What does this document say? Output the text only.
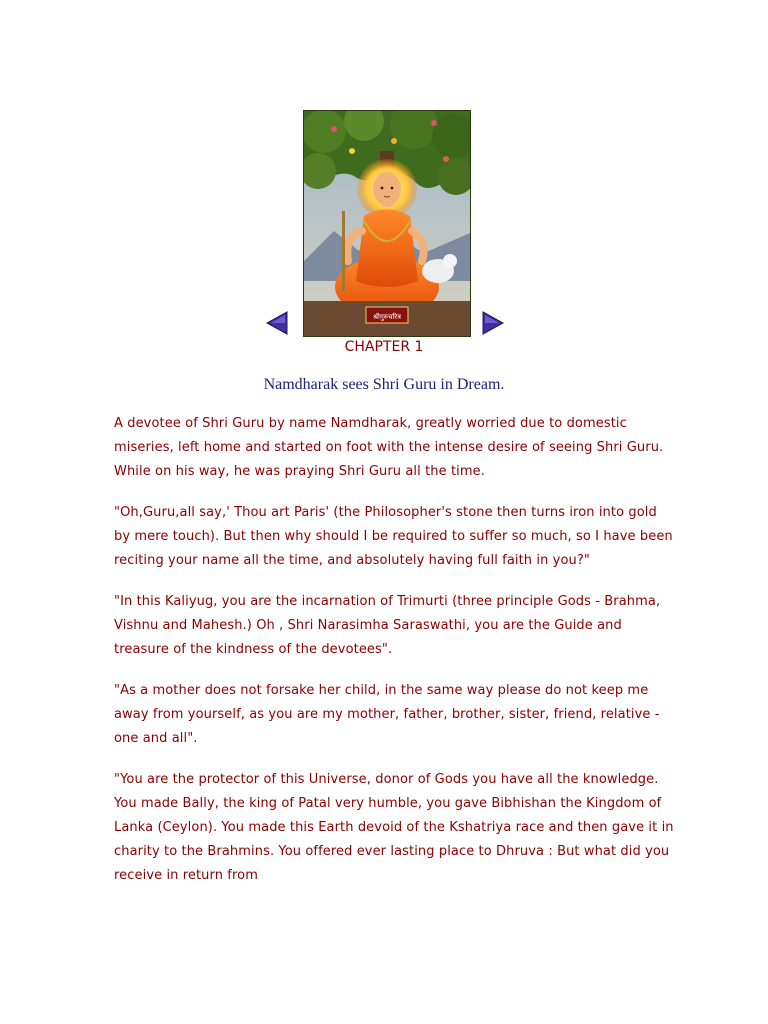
श्रीगुरुचरित्र
CHAPTER 1
Namdharak sees Shri Guru in Dream.

A devotee of Shri Guru by name Namdharak, greatly worried due to domestic miseries, left home and started on foot with the intense desire of seeing Shri Guru. While on his way, he was praying Shri Guru all the time.

"Oh,Guru,all say,' Thou art Paris' (the Philosopher's stone then turns iron into gold by mere touch). But then why should I be required to suffer so much, so I have been reciting your name all the time, and absolutely having full faith in you?"

"In this Kaliyug, you are the incarnation of Trimurti (three principle Gods - Brahma, Vishnu and Mahesh.) Oh , Shri Narasimha Saraswathi, you are the Guide and treasure of the kindness of the devotees".

"As a mother does not forsake her child, in the same way please do not keep me away from yourself, as you are my mother, father, brother, sister, friend, relative - one and all".

"You are the protector of this Universe, donor of Gods you have all the knowledge. You made Bally, the king of Patal very humble, you gave Bibhishan the Kingdom of Lanka (Ceylon). You made this Earth devoid of the Kshatriya race and then gave it in charity to the Brahmins. You offered ever lasting place to Dhruva : But what did you receive in return from
